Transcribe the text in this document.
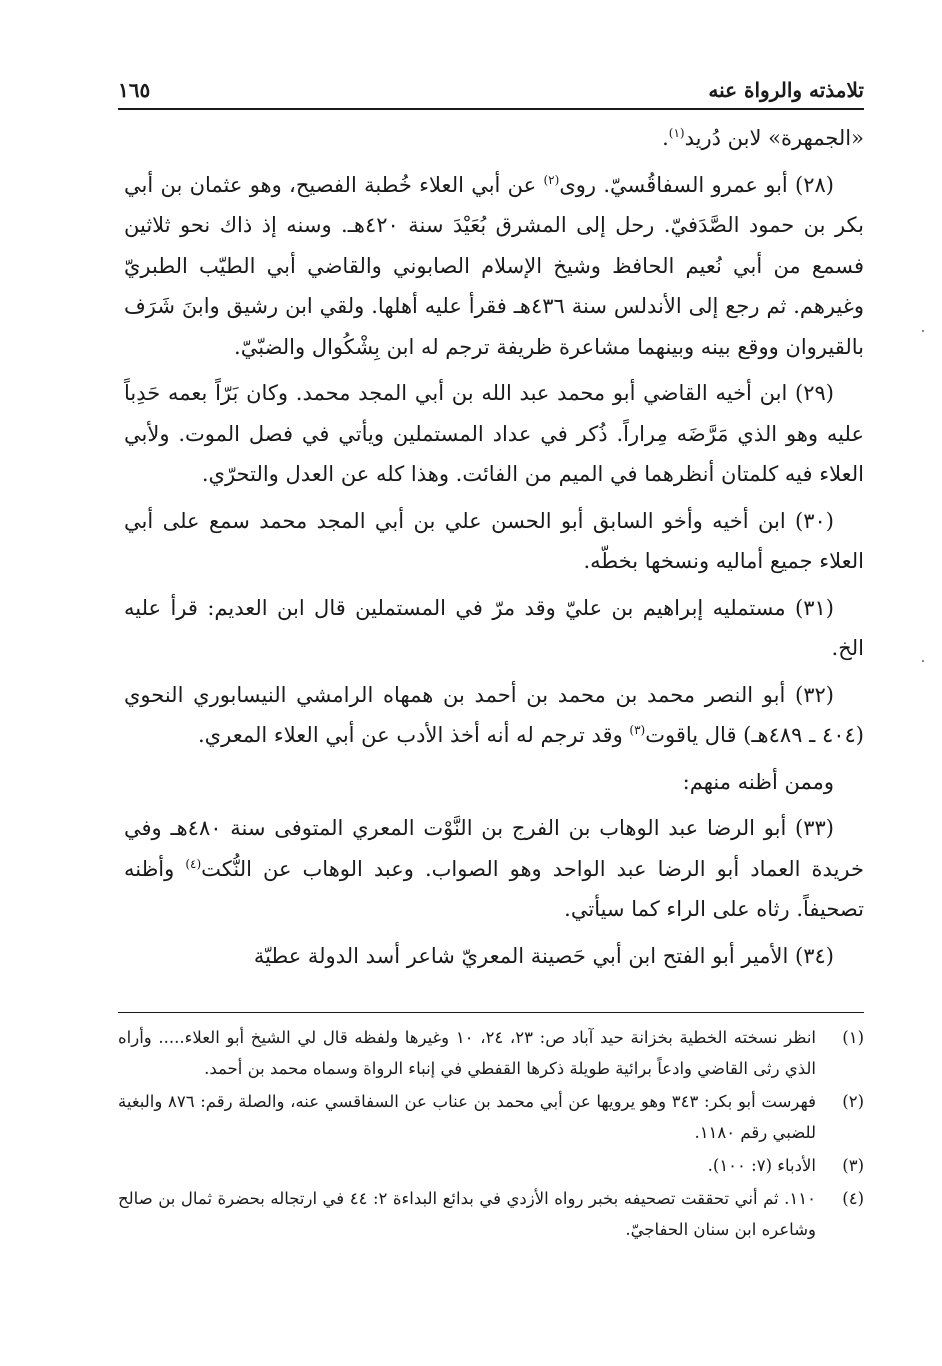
تلامذته والرواة عنه
١٦٥

«الجمهرة» لابن دُريد$^{(١)}$.

(٢٨) أبو عمرو السفاقُسيّ. روى$^{(٢)}$ عن أبي العلاء خُطبة الفصيح، وهو عثمان بن أبي بكر بن حمود الصَّدَفيّ. رحل إلى المشرق بُعَيْدَ سنة ٤٢٠هـ. وسنه إذ ذاك نحو ثلاثين فسمع من أبي نُعيم الحافظ وشيخ الإسلام الصابوني والقاضي أبي الطيّب الطبريّ وغيرهم. ثم رجع إلى الأندلس سنة ٤٣٦هـ فقرأ عليه أهلها. ولقي ابن رشيق وابنَ شَرَف بالقيروان ووقع بينه وبينهما مشاعرة ظريفة ترجم له ابن بِشْكُوال والضبّيّ.

(٢٩) ابن أخيه القاضي أبو محمد عبد الله بن أبي المجد محمد. وكان بَرّاً بعمه حَدِباً عليه وهو الذي مَرَّضَه مِراراً. ذُكر في عداد المستملين ويأتي في فصل الموت. ولأبي العلاء فيه كلمتان أنظرهما في الميم من الفائت. وهذا كله عن العدل والتحرّي.

(٣٠) ابن أخيه وأخو السابق أبو الحسن علي بن أبي المجد محمد سمع على أبي العلاء جميع أماليه ونسخها بخطّه.

(٣١) مستمليه إبراهيم بن عليّ وقد مرّ في المستملين قال ابن العديم: قرأ عليه الخ.

(٣٢) أبو النصر محمد بن محمد بن أحمد بن همهاه الرامشي النيسابوري النحوي (٤٠٤ ـ ٤٨٩هـ) قال ياقوت$^{(٣)}$ وقد ترجم له أنه أخذ الأدب عن أبي العلاء المعري.

وممن أظنه منهم:

(٣٣) أبو الرضا عبد الوهاب بن الفرج بن النَّوْت المعري المتوفى سنة ٤٨٠هـ وفي خريدة العماد أبو الرضا عبد الواحد وهو الصواب. وعبد الوهاب عن النُّكت$^{(٤)}$ وأظنه تصحيفاً. رثاه على الراء كما سيأتي.

(٣٤) الأمير أبو الفتح ابن أبي حَصينة المعريّ شاعر أسد الدولة عطيّة

(١)
انظر نسخته الخطية بخزانة حيد آباد ص: ٢٣، ٢٤، ١٠ وغيرها ولفظه قال لي الشيخ أبو العلاء..... وأراه الذي رثى القاضي وادعاً برائية طويلة ذكرها القفطي في إنباء الرواة وسماه محمد بن أحمد.
(٢)
فهرست أبو بكر: ٣٤٣ وهو يرويها عن أبي محمد بن عناب عن السفاقسي عنه، والصلة رقم: ٨٧٦ والبغية للضبي رقم ١١٨٠.
(٣)
الأدباء (٧: ١٠٠).
(٤)
١١٠. ثم أني تحققت تصحيفه بخبر رواه الأزدي في بدائع البداءة ٢: ٤٤ في ارتجاله بحضرة ثمال بن صالح وشاعره ابن سنان الحفاجيّ.
